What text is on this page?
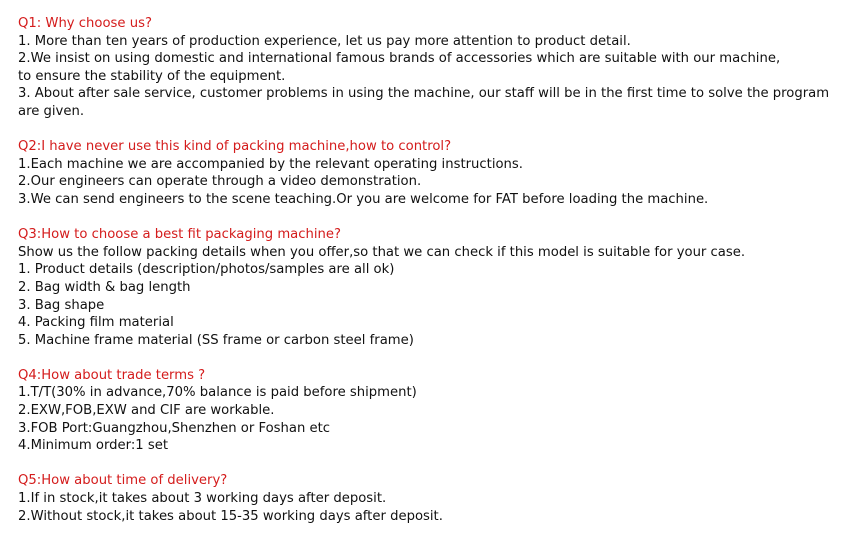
Q1: Why choose us?
1. More than ten years of production experience, let us pay more attention to product detail.
2.We insist on using domestic and international famous brands of accessories which are suitable with our machine,
to ensure the stability of the equipment.
3. About after sale service, customer problems in using the machine, our staff will be in the first time to solve the program
are given.
Q2:I have never use this kind of packing machine,how to control?
1.Each machine we are accompanied by the relevant operating instructions.
2.Our engineers can operate through a video demonstration.
3.We can send engineers to the scene teaching.Or you are welcome for FAT before loading the machine.
Q3:How to choose a best fit packaging machine?
Show us the follow packing details when you offer,so that we can check if this model is suitable for your case.
1. Product details (description/photos/samples are all ok)
2. Bag width & bag length
3. Bag shape
4. Packing film material
5. Machine frame material (SS frame or carbon steel frame)
Q4:How about trade terms ?
1.T/T(30% in advance,70% balance is paid before shipment)
2.EXW,FOB,EXW and CIF are workable.
3.FOB Port:Guangzhou,Shenzhen or Foshan etc
4.Minimum order:1 set
Q5:How about time of delivery?
1.If in stock,it takes about 3 working days after deposit.
2.Without stock,it takes about 15-35 working days after deposit.
